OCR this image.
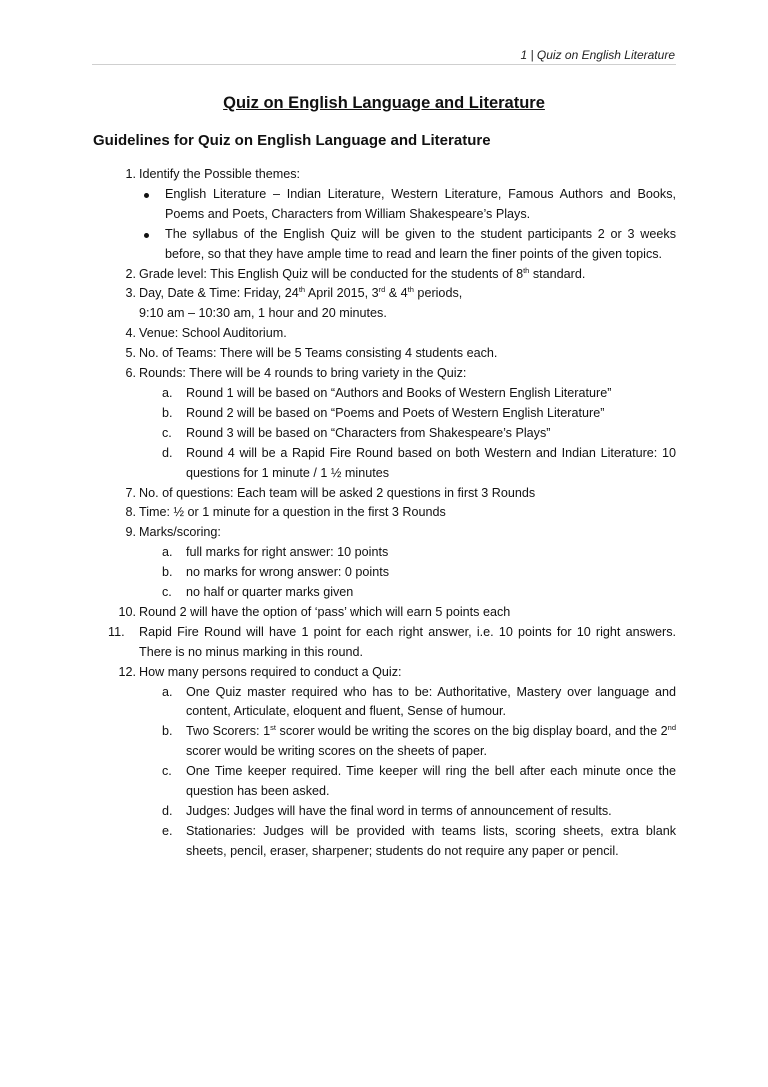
1 | Quiz on English Literature
Quiz on English Language and Literature
Guidelines for Quiz on English Language and Literature
1. Identify the Possible themes:
English Literature – Indian Literature, Western Literature, Famous Authors and Books, Poems and Poets, Characters from William Shakespeare’s Plays.
The syllabus of the English Quiz will be given to the student participants 2 or 3 weeks before, so that they have ample time to read and learn the finer points of the given topics.
2. Grade level: This English Quiz will be conducted for the students of 8th standard.
3. Day, Date & Time: Friday, 24th April 2015, 3rd & 4th periods,
9:10 am – 10:30 am, 1 hour and 20 minutes.
4. Venue: School Auditorium.
5. No. of Teams: There will be 5 Teams consisting 4 students each.
6. Rounds: There will be 4 rounds to bring variety in the Quiz:
a. Round 1 will be based on “Authors and Books of Western English Literature”
b. Round 2 will be based on “Poems and Poets of Western English Literature”
c. Round 3 will be based on “Characters from Shakespeare’s Plays”
d. Round 4 will be a Rapid Fire Round based on both Western and Indian Literature: 10 questions for 1 minute / 1 ½ minutes
7. No. of questions: Each team will be asked 2 questions in first 3 Rounds
8. Time: ½ or 1 minute for a question in the first 3 Rounds
9. Marks/scoring:
a. full marks for right answer: 10 points
b. no marks for wrong answer: 0 points
c. no half or quarter marks given
10. Round 2 will have the option of ‘pass’ which will earn 5 points each
11.	Rapid Fire Round will have 1 point for each right answer, i.e. 10 points for 10 right answers. There is no minus marking in this round.
12. How many persons required to conduct a Quiz:
a. One Quiz master required who has to be: Authoritative, Mastery over language and content, Articulate, eloquent and fluent, Sense of humour.
b. Two Scorers: 1st scorer would be writing the scores on the big display board, and the 2nd scorer would be writing scores on the sheets of paper.
c. One Time keeper required. Time keeper will ring the bell after each minute once the question has been asked.
d. Judges: Judges will have the final word in terms of announcement of results.
e. Stationaries: Judges will be provided with teams lists, scoring sheets, extra blank sheets, pencil, eraser, sharpener; students do not require any paper or pencil.
